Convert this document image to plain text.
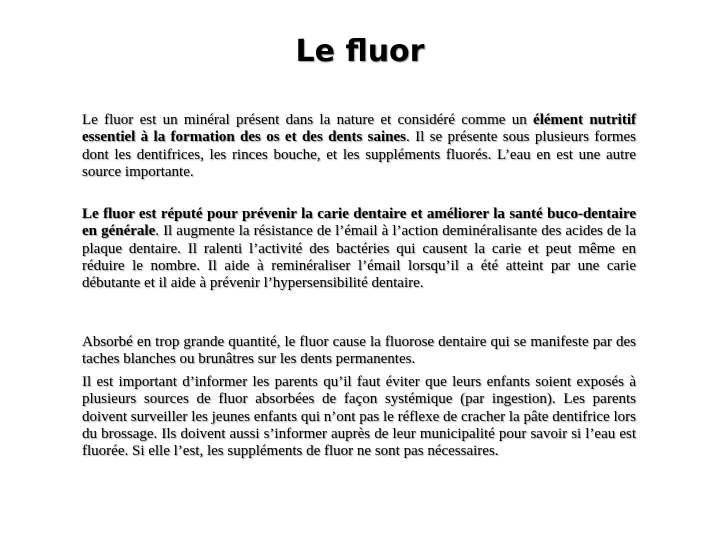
Le fluor

Le fluor est un minéral présent dans la nature et considéré comme un élément nutritif essentiel à la formation des os et des dents saines. Il se présente sous plusieurs formes dont les dentifrices, les rinces bouche, et les suppléments fluorés. L’eau en est une autre source importante.

Le fluor est réputé pour prévenir la carie dentaire et améliorer la santé buco-dentaire en générale. Il augmente la résistance de l’émail à l’action deminéralisante des acides de la plaque dentaire. Il ralenti l’activité des bactéries qui causent la carie et peut même en réduire le nombre. Il aide à reminéraliser l’émail lorsqu’il a été atteint par une carie débutante et il aide à prévenir l’hypersensibilité dentaire.

Absorbé en trop grande quantité, le fluor cause la fluorose dentaire qui se manifeste par des taches blanches ou brunâtres sur les dents permanentes.

Il est important d’informer les parents qu’il faut éviter que leurs enfants soient exposés à plusieurs sources de fluor absorbées de façon systémique (par ingestion). Les parents doivent surveiller les jeunes enfants qui n’ont pas le réflexe de cracher la pâte dentifrice lors du brossage. Ils doivent aussi s’informer auprès de leur municipalité pour savoir si l’eau est fluorée. Si elle l’est, les suppléments de fluor ne sont pas nécessaires.
